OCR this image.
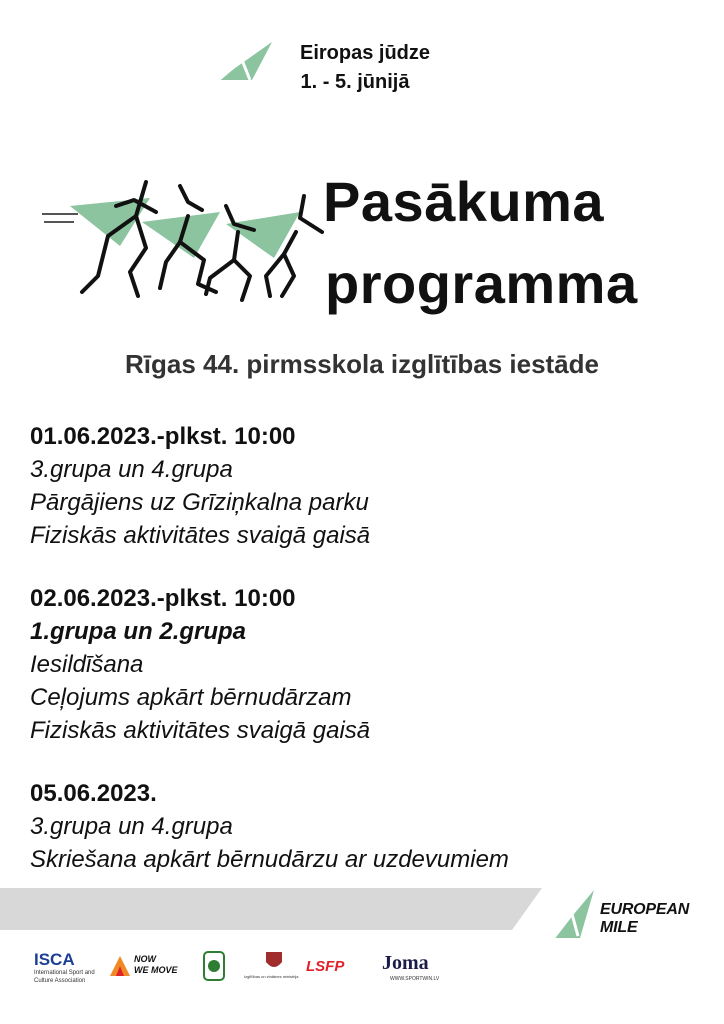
Eiropas jūdze
1. - 5. jūnijā
Pasākuma
programma
Rīgas 44. pirmsskola izglītības iestāde
01.06.2023.-plkst. 10:00
3.grupa un 4.grupa
Pārgājiens uz Grīziņkalna parku
Fiziskās aktivitātes svaigā gaisā
02.06.2023.-plkst. 10:00
1.grupa un 2.grupa
Iesildīšana
Ceļojums apkārt bērnudārzam
Fiziskās aktivitātes svaigā gaisā
05.06.2023.
3.grupa un 4.grupa
Skriešana apkārt bērnudārzu ar uzdevumiem
EUROPEAN MILE
ISCA
International Sport and
Culture Association
NOW
WE MOVE
Izglītības un zinātnes ministrija
LSFP Joma
WWW.SPORTWIN.LV
